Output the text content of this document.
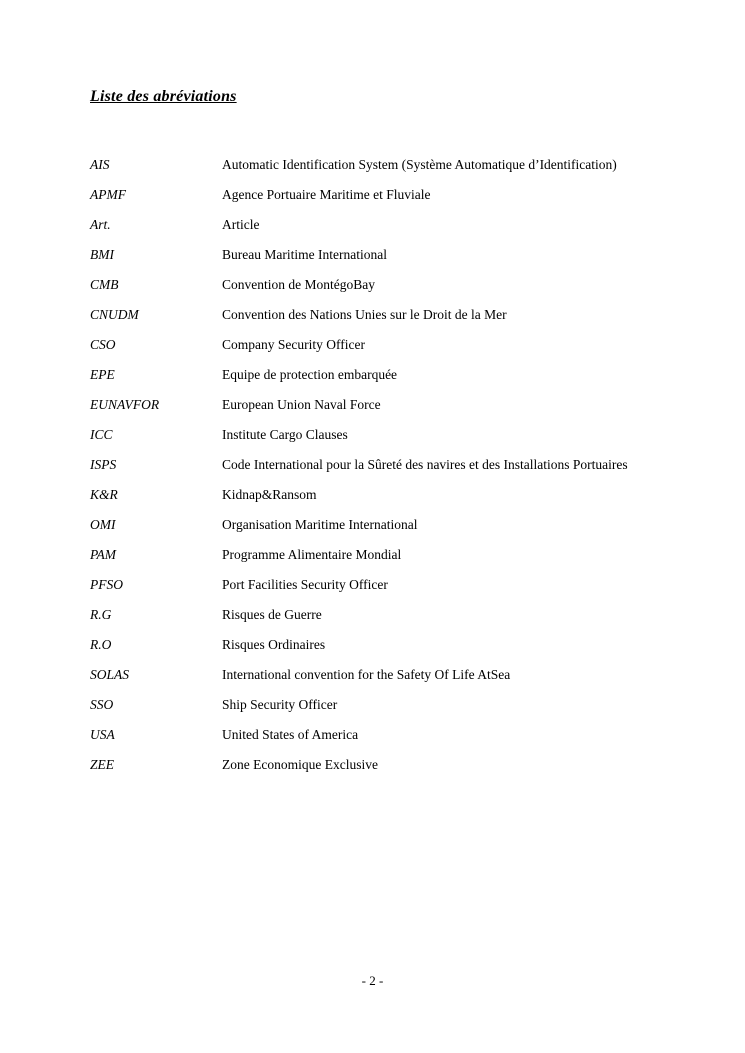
Liste des abréviations
AIS	Automatic Identification System (Système Automatique d’Identification)
APMF	Agence Portuaire Maritime et Fluviale
Art.	Article
BMI	Bureau Maritime International
CMB	Convention de MontégoBay
CNUDM	Convention des Nations Unies sur le Droit de la Mer
CSO	Company Security Officer
EPE	Equipe de protection embarquée
EUNAVFOR	European Union Naval Force
ICC	Institute Cargo Clauses
ISPS	Code International pour la Sûreté des navires et des Installations Portuaires
K&R	Kidnap&Ransom
OMI	Organisation Maritime International
PAM	Programme Alimentaire Mondial
PFSO	Port Facilities Security Officer
R.G	Risques de Guerre
R.O	Risques Ordinaires
SOLAS	International convention for the Safety Of Life AtSea
SSO	Ship Security Officer
USA	United States of America
ZEE	Zone Economique Exclusive
- 2 -
